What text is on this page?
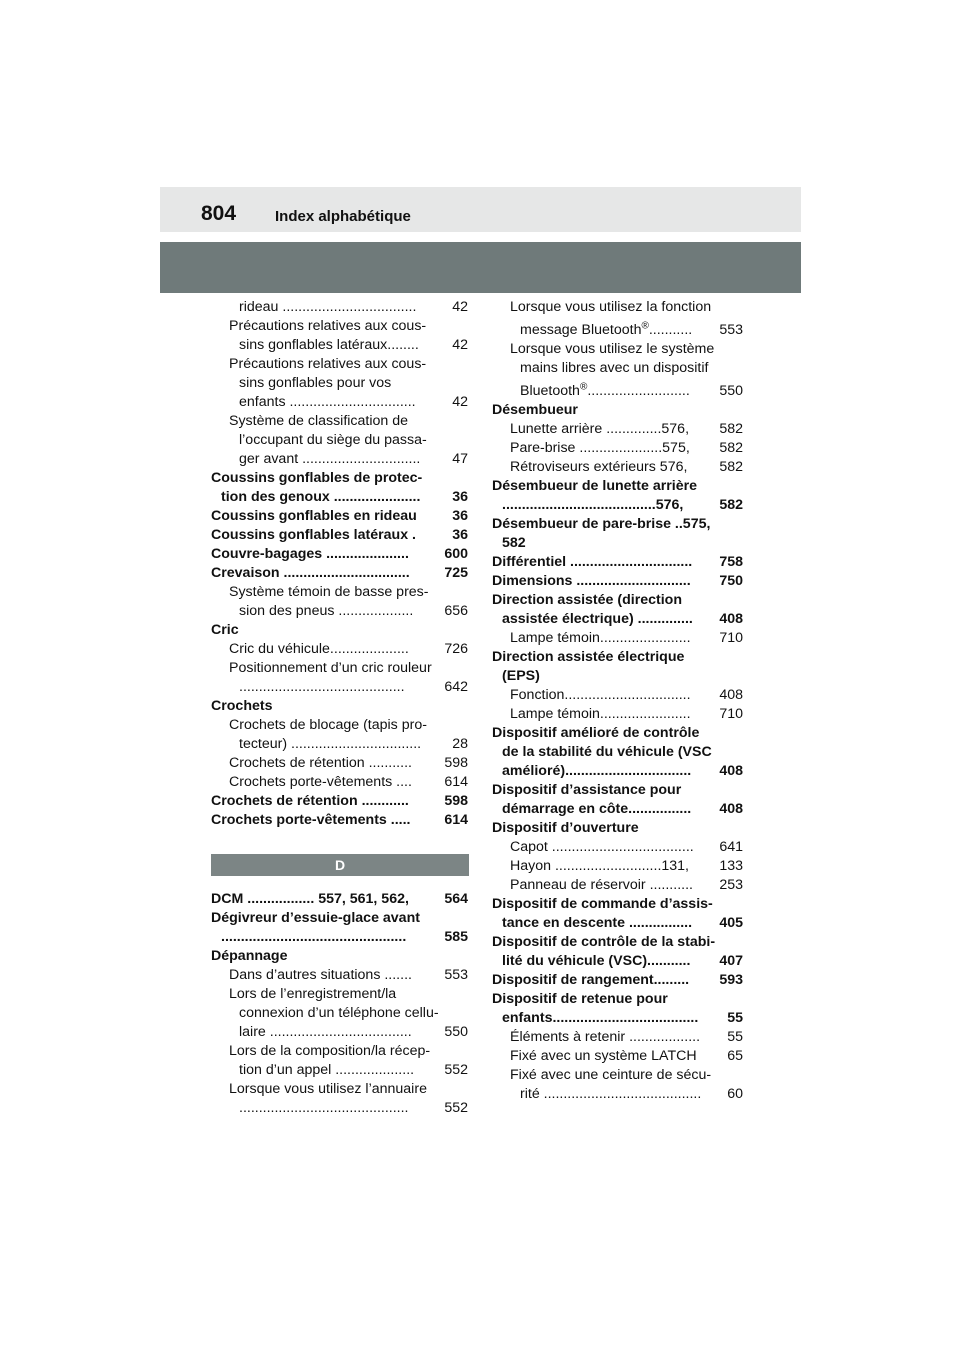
804	Index alphabétique
rideau ..................................	42
Précautions relatives aux cous-
sins gonflables latéraux........	42
Précautions relatives aux cous-
sins gonflables pour vos
enfants ................................	42
Système de classification de
l’occupant du siège du passa-
ger avant ..............................	47
Coussins gonflables de protec-
tion des genoux ......................	36
Coussins gonflables en rideau	36
Coussins gonflables latéraux .	36
Couvre-bagages .....................	600
Crevaison ................................	725
Système témoin de basse pres-
sion des pneus ...................	656
Cric
Cric du véhicule....................	726
Positionnement d’un cric rouleur
..........................................	642
Crochets
Crochets de blocage (tapis pro-
tecteur) .................................	28
Crochets de rétention ...........	598
Crochets porte-vêtements ....	614
Crochets de rétention ............	598
Crochets porte-vêtements .....	614
D
DCM ................. 557, 561, 562,	564
Dégivreur d’essuie-glace avant
...............................................	585
Dépannage
Dans d’autres situations .......	553
Lors de l’enregistrement/la
connexion d’un téléphone cellu-
laire ....................................	550
Lors de la composition/la récep-
tion d’un appel ....................	552
Lorsque vous utilisez l’annuaire
...........................................	552
Lorsque vous utilisez la fonction
message Bluetooth®...........	553
Lorsque vous utilisez le système
mains libres avec un dispositif
Bluetooth®..........................	550
Désembueur
Lunette arrière ..............576,	582
Pare-brise .....................575,	582
Rétroviseurs extérieurs 576,	582
Désembueur de lunette arrière
.......................................576,	582
Désembueur de pare-brise ..575,
582
Différentiel ...............................	758
Dimensions .............................	750
Direction assistée (direction
assistée électrique) ..............	408
Lampe témoin.......................	710
Direction assistée électrique
(EPS)
Fonction................................	408
Lampe témoin.......................	710
Dispositif amélioré de contrôle
de la stabilité du véhicule (VSC
amélioré)................................	408
Dispositif d’assistance pour
démarrage en côte................	408
Dispositif d’ouverture
Capot ....................................	641
Hayon ...........................131,	133
Panneau de réservoir ...........	253
Dispositif de commande d’assis-
tance en descente ................	405
Dispositif de contrôle de la stabi-
lité du véhicule (VSC)...........	407
Dispositif de rangement.........	593
Dispositif de retenue pour
enfants.....................................	55
Éléments à retenir ..................	55
Fixé avec un système LATCH	65
Fixé avec une ceinture de sécu-
rité ........................................	60
